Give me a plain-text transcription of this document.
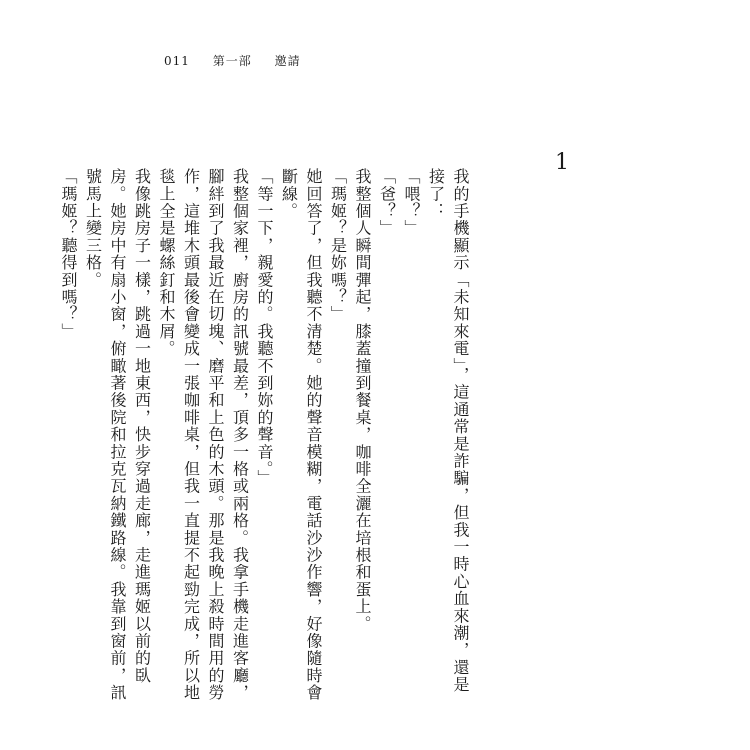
011 第一部 邀請
1

我的手機顯示「未知來電」，這通常是詐騙，但我一時心血來潮，還是接了：

「喂？」

「爸？」

我整個人瞬間彈起，膝蓋撞到餐桌，咖啡全灑在培根和蛋上。

「瑪姬？是妳嗎？」

她回答了，但我聽不清楚。她的聲音模糊，電話沙沙作響，好像隨時會斷線。

「等一下，親愛的。我聽不到妳的聲音。」

我整個家裡，廚房的訊號最差，頂多一格或兩格。我拿手機走進客廳，腳絆到了我最近在切塊、磨平和上色的木頭。那是我晚上殺時間用的勞作，這堆木頭最後會變成一張咖啡桌，但我一直提不起勁完成，所以地毯上全是螺絲釘和木屑。

我像跳房子一樣，跳過一地東西，快步穿過走廊，走進瑪姬以前的臥房。她房中有扇小窗，俯瞰著後院和拉克瓦納鐵路線。我靠到窗前，訊號馬上變三格。

「瑪姬？聽得到嗎？」
